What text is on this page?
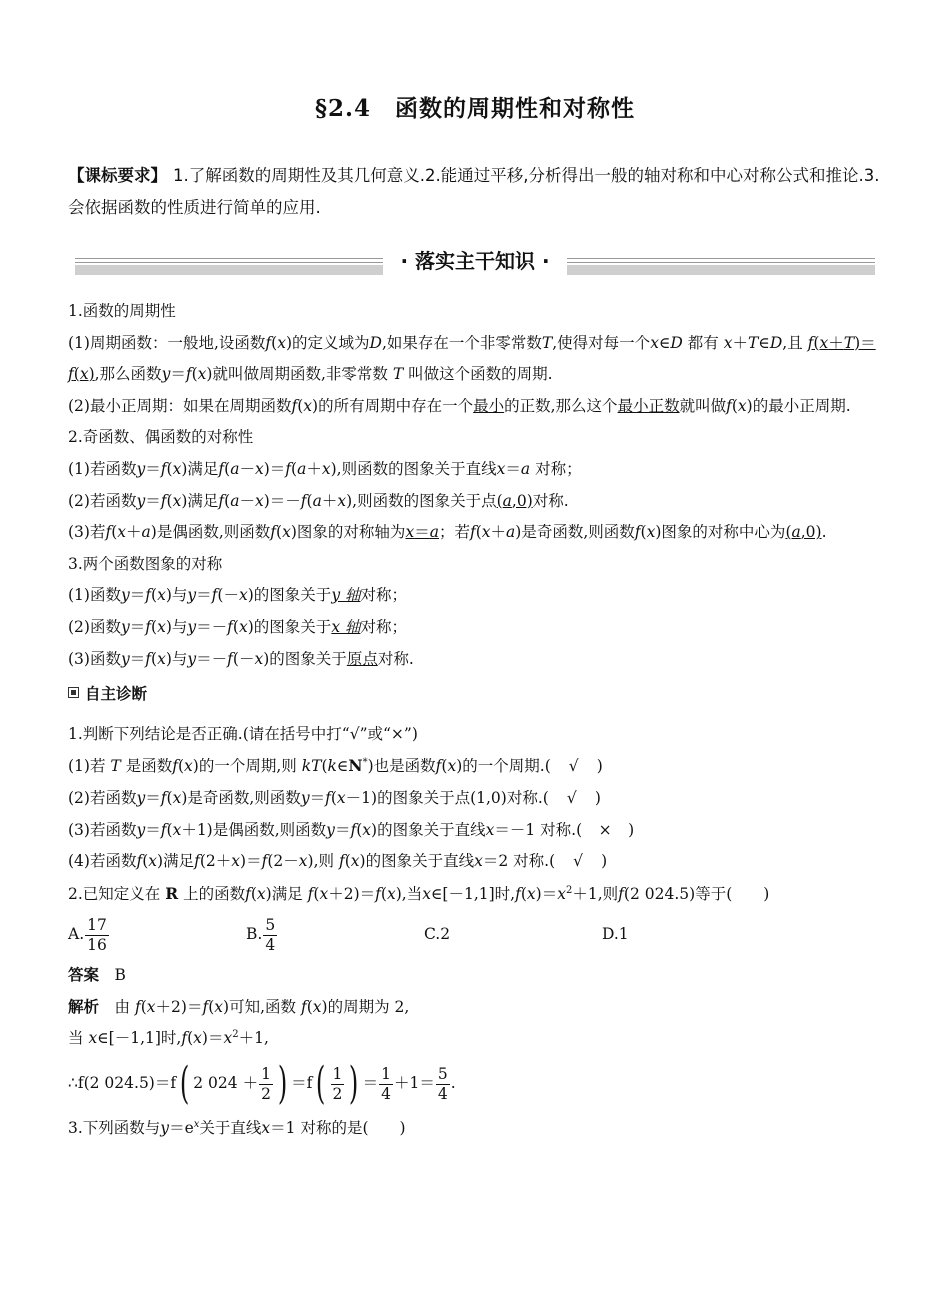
§2.4　函数的周期性和对称性
【课标要求】 1.了解函数的周期性及其几何意义.2.能通过平移,分析得出一般的轴对称和中心对称公式和推论.3.会依据函数的性质进行简单的应用.
· 落实主干知识 ·

1.函数的周期性

(1)周期函数：一般地,设函数f(x)的定义域为D,如果存在一个非零常数T,使得对每一个x∈D 都有 x＋T∈D,且 f(x＋T)＝f(x),那么函数y＝f(x)就叫做周期函数,非零常数 T 叫做这个函数的周期.

(2)最小正周期：如果在周期函数f(x)的所有周期中存在一个最小的正数,那么这个最小正数就叫做f(x)的最小正周期.

2.奇函数、偶函数的对称性

(1)若函数y＝f(x)满足f(a－x)＝f(a＋x),则函数的图象关于直线x＝a 对称；

(2)若函数y＝f(x)满足f(a－x)＝－f(a＋x),则函数的图象关于点(a,0)对称.

(3)若f(x＋a)是偶函数,则函数f(x)图象的对称轴为x＝a；若f(x＋a)是奇函数,则函数f(x)图象的对称中心为(a,0).

3.两个函数图象的对称

(1)函数y＝f(x)与y＝f(－x)的图象关于y 轴对称；

(2)函数y＝f(x)与y＝－f(x)的图象关于x 轴对称；

(3)函数y＝f(x)与y＝－f(－x)的图象关于原点对称.

自主诊断

1.判断下列结论是否正确.(请在括号中打“√”或“×”)

(1)若 T 是函数f(x)的一个周期,则 kT(k∈N*)也是函数f(x)的一个周期.( √ )

(2)若函数y＝f(x)是奇函数,则函数y＝f(x－1)的图象关于点(1,0)对称.( √ )

(3)若函数y＝f(x＋1)是偶函数,则函数y＝f(x)的图象关于直线x＝－1 对称.( × )

(4)若函数f(x)满足f(2＋x)＝f(2－x),则 f(x)的图象关于直线x＝2 对称.( √ )

2.已知定义在 R 上的函数f(x)满足 f(x＋2)＝f(x),当x∈[－1,1]时$,f(x)=x^2+1$,则f(2 024.5)等于(　　)

A. $\frac{17}{16}$	B. $\frac{5}{4}$	C.2	D.1

答案　 B

解析　 由 f(x＋2)＝f(x)可知,函数 f(x)的周期为 2,

当 x∈[－1,1]时$,f(x)=x^2+1$,

∴f(2 024.5)＝f ( 2 $024 + \frac{1}{2}$ ) ＝f ( $\frac{1}{2}$ ) ＝ $\frac{1}{4} +1= \frac{5}{4}$ .

3.下列函数与$y=e^x$关于直线x＝1 对称的是(　　)
